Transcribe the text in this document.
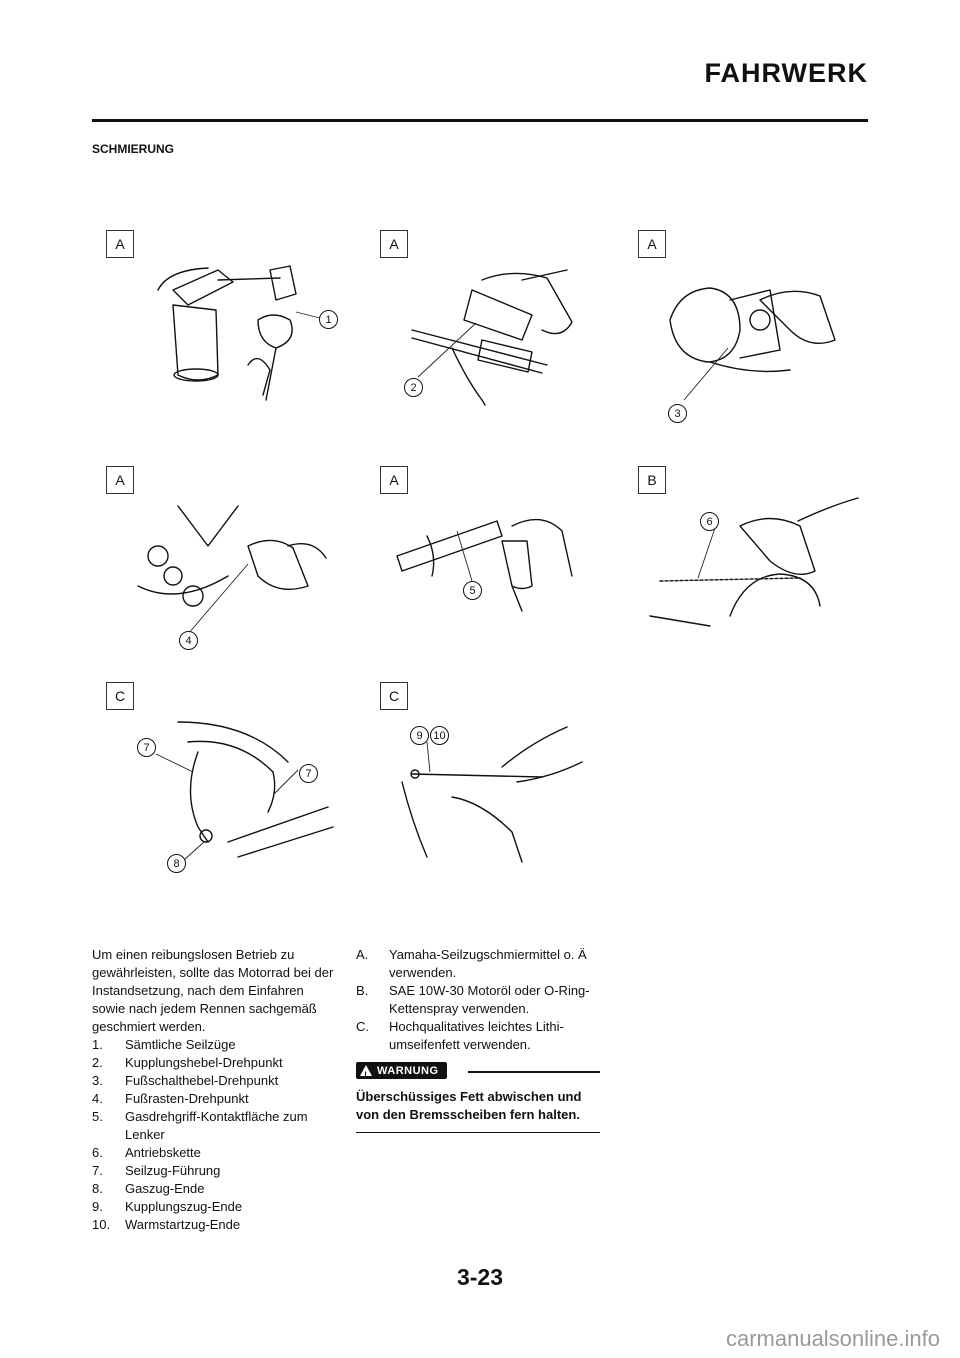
FAHRWERK
SCHMIERUNG
A
1
A
2
A
3
A
4
A
5
B
6
C
7
7
8
C
9 10

Um einen reibungslosen Betrieb zu gewährleisten, sollte das Motorrad bei der Instandsetzung, nach dem Einfahren sowie nach jedem Rennen sachgemäß geschmiert werden.

1. Sämtliche Seilzüge
2. Kupplungshebel-Drehpunkt
3. Fußschalthebel-Drehpunkt
4. Fußrasten-Drehpunkt
5. Gasdrehgriff-Kontaktfläche zum Lenker
6. Antriebskette
7. Seilzug-Führung
8. Gaszug-Ende
9. Kupplungszug-Ende
10. Warmstartzug-Ende
A. Yamaha-Seilzugschmiermittel o. Ä verwenden.
B. SAE 10W-30 Motoröl oder O-Ring-Kettenspray verwenden.
C. Hochqualitatives leichtes Lithi-umseifenfett verwenden.
!
WARNUNG
Überschüssiges Fett abwischen und von den Bremsscheiben fern halten.
3-23
carmanualsonline.info
